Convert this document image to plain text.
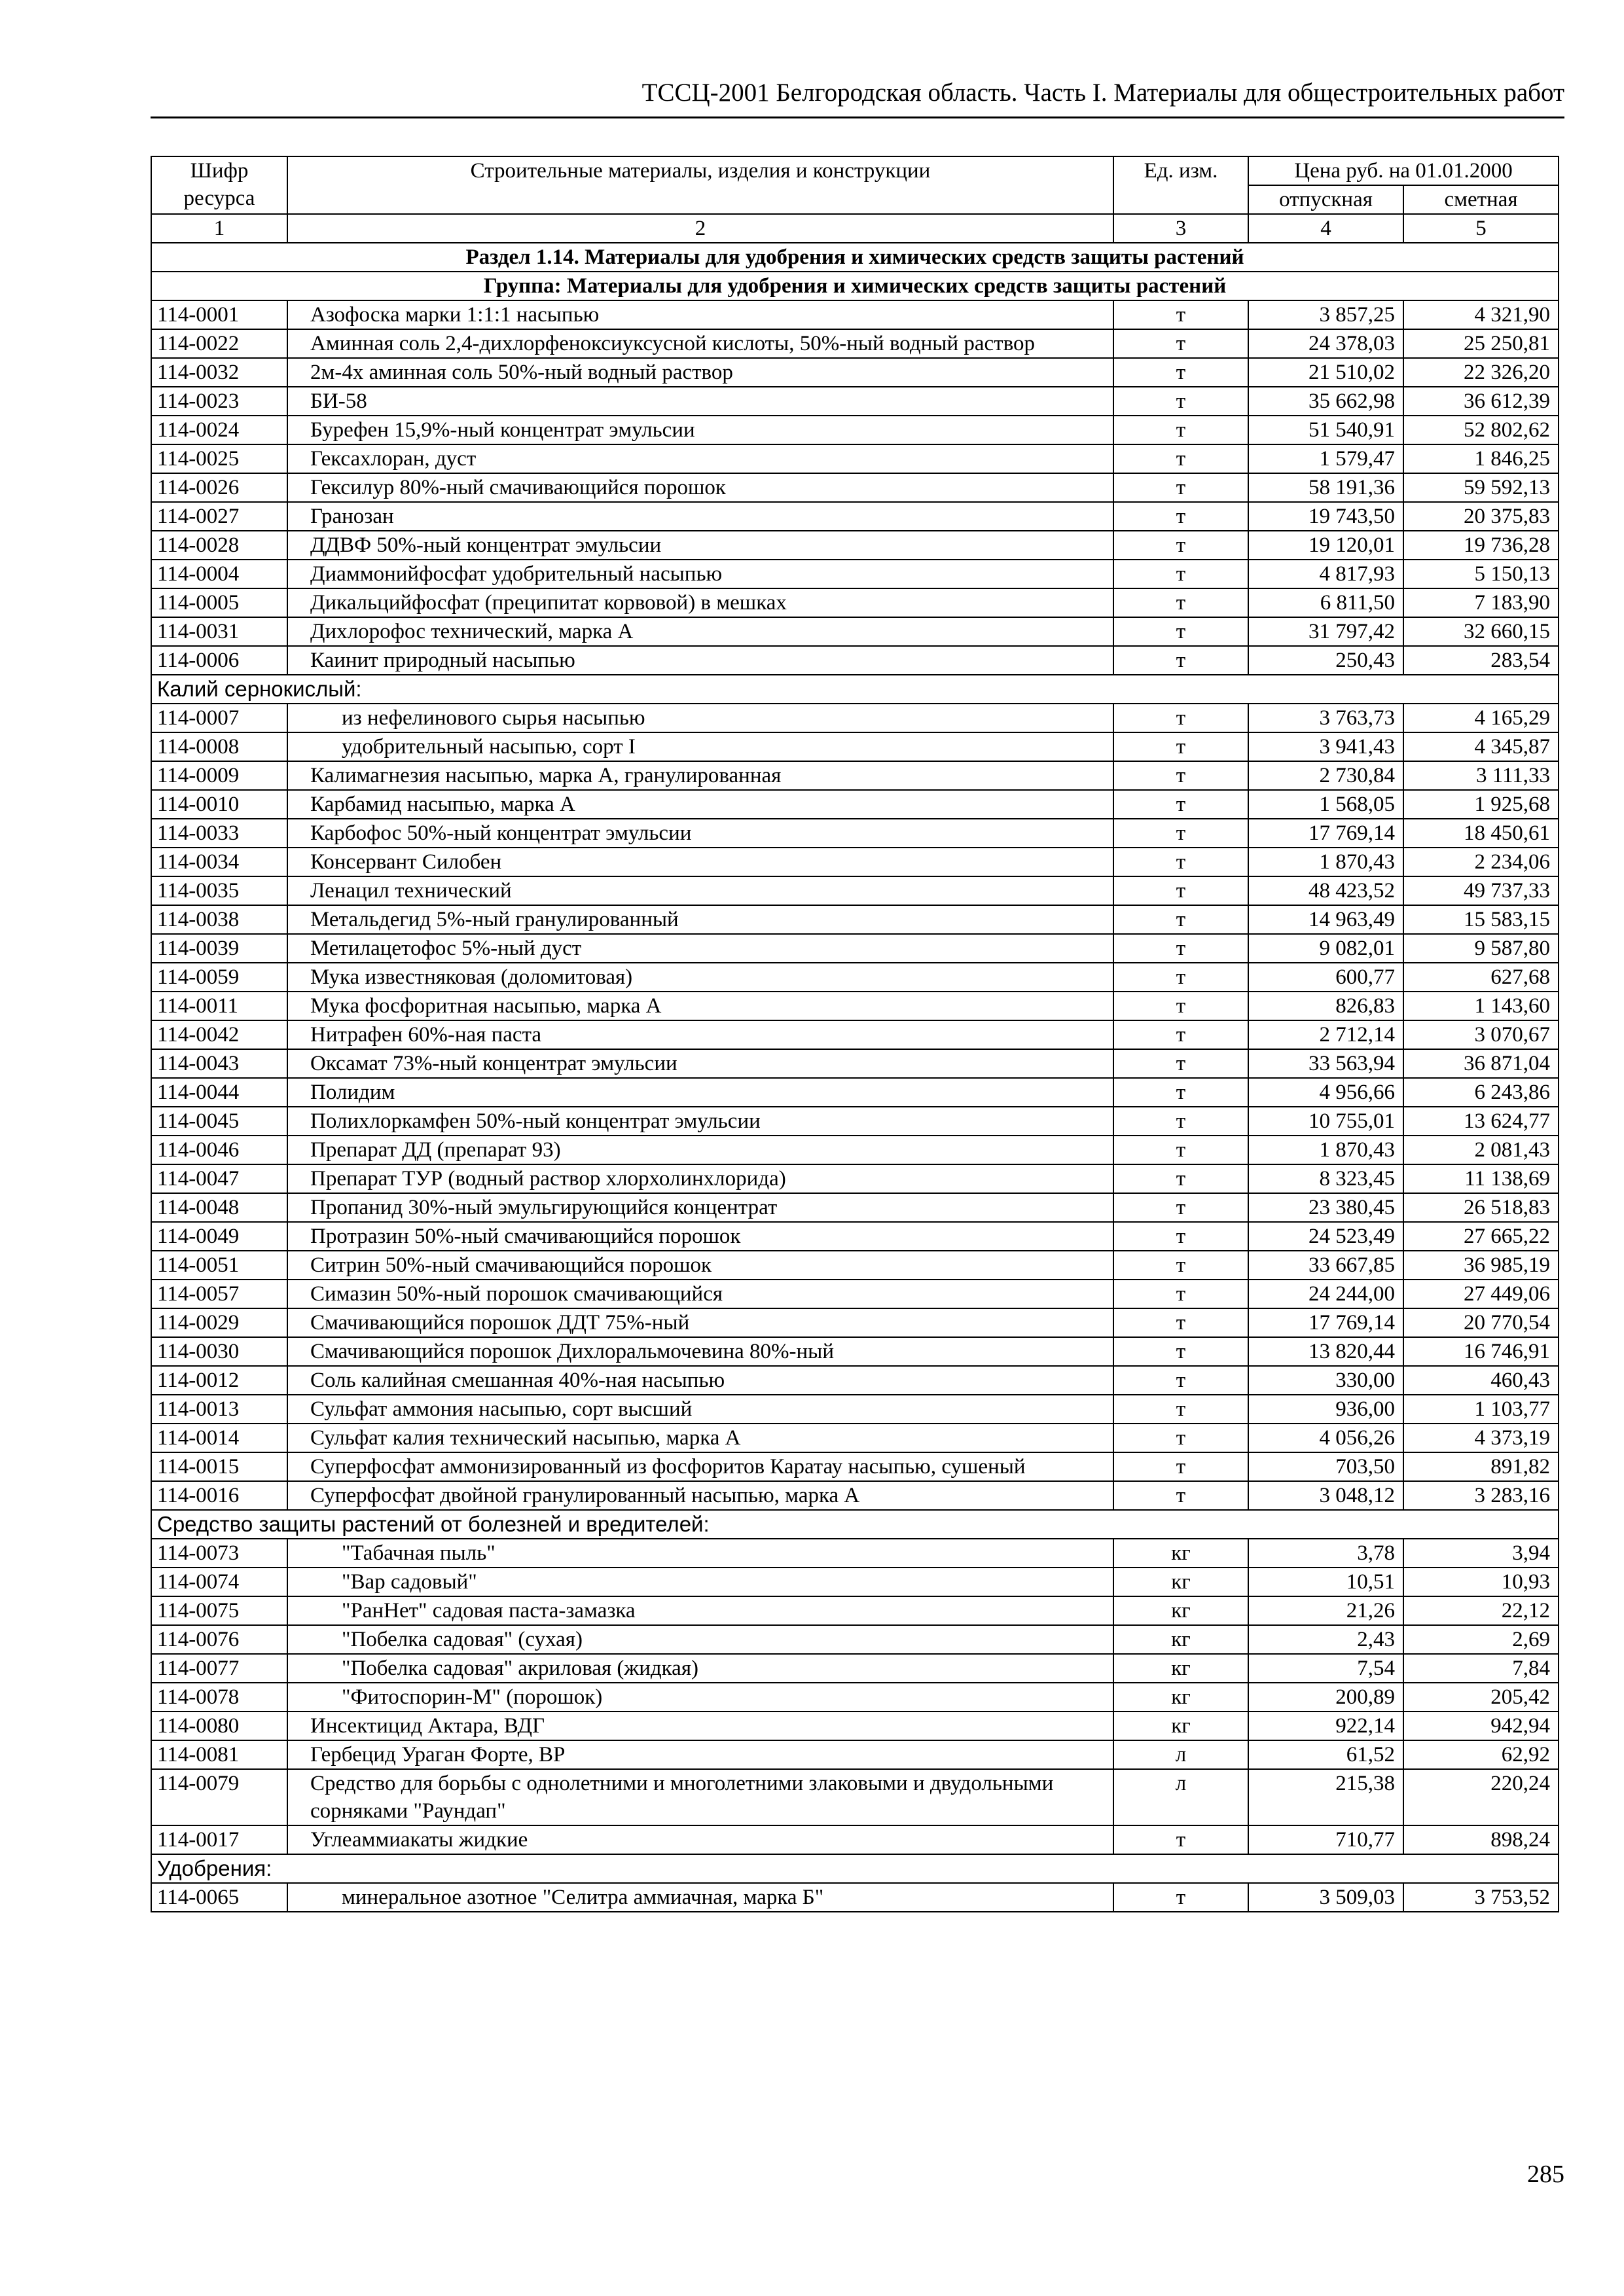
ТССЦ-2001 Белгородская область. Часть I. Материалы для общестроительных работ
Шифр ресурса	Строительные материалы, изделия и конструкции	Ед. изм.	Цена руб. на 01.01.2000	
			отпускная	сметная
1	2	3	4	5
Раздел 1.14. Материалы для удобрения и химических средств защиты растений				
Группа: Материалы для удобрения и химических средств защиты растений				
114-0001	Азофоска марки 1:1:1 насыпью	т	3 857,25	4 321,90
114-0022	Аминная соль 2,4-дихлорфеноксиуксусной кислоты, 50%-ный водный раствор	т	24 378,03	25 250,81
114-0032	2м-4х аминная соль 50%-ный водный раствор	т	21 510,02	22 326,20
114-0023	БИ-58	т	35 662,98	36 612,39
114-0024	Бурефен 15,9%-ный концентрат эмульсии	т	51 540,91	52 802,62
114-0025	Гексахлоран, дуст	т	1 579,47	1 846,25
114-0026	Гексилур 80%-ный смачивающийся порошок	т	58 191,36	59 592,13
114-0027	Гранозан	т	19 743,50	20 375,83
114-0028	ДДВФ 50%-ный концентрат эмульсии	т	19 120,01	19 736,28
114-0004	Диаммонийфосфат удобрительный насыпью	т	4 817,93	5 150,13
114-0005	Дикальцийфосфат (преципитат корвовой) в мешках	т	6 811,50	7 183,90
114-0031	Дихлорофос технический, марка А	т	31 797,42	32 660,15
114-0006	Каинит природный насыпью	т	250,43	283,54
Калий сернокислый:				
114-0007	из нефелинового сырья насыпью	т	3 763,73	4 165,29
114-0008	удобрительный насыпью, сорт I	т	3 941,43	4 345,87
114-0009	Калимагнезия насыпью, марка А, гранулированная	т	2 730,84	3 111,33
114-0010	Карбамид насыпью, марка А	т	1 568,05	1 925,68
114-0033	Карбофос 50%-ный концентрат эмульсии	т	17 769,14	18 450,61
114-0034	Консервант Силобен	т	1 870,43	2 234,06
114-0035	Ленацил технический	т	48 423,52	49 737,33
114-0038	Метальдегид 5%-ный гранулированный	т	14 963,49	15 583,15
114-0039	Метилацетофос 5%-ный дуст	т	9 082,01	9 587,80
114-0059	Мука известняковая (доломитовая)	т	600,77	627,68
114-0011	Мука фосфоритная насыпью, марка А	т	826,83	1 143,60
114-0042	Нитрафен 60%-ная паста	т	2 712,14	3 070,67
114-0043	Оксамат 73%-ный концентрат эмульсии	т	33 563,94	36 871,04
114-0044	Полидим	т	4 956,66	6 243,86
114-0045	Полихлоркамфен 50%-ный концентрат эмульсии	т	10 755,01	13 624,77
114-0046	Препарат ДД (препарат 93)	т	1 870,43	2 081,43
114-0047	Препарат ТУР (водный раствор хлорхолинхлорида)	т	8 323,45	11 138,69
114-0048	Пропанид 30%-ный эмульгирующийся концентрат	т	23 380,45	26 518,83
114-0049	Протразин 50%-ный смачивающийся порошок	т	24 523,49	27 665,22
114-0051	Ситрин 50%-ный смачивающийся порошок	т	33 667,85	36 985,19
114-0057	Симазин 50%-ный порошок смачивающийся	т	24 244,00	27 449,06
114-0029	Смачивающийся порошок ДДТ 75%-ный	т	17 769,14	20 770,54
114-0030	Смачивающийся порошок Дихлоральмочевина 80%-ный	т	13 820,44	16 746,91
114-0012	Соль калийная смешанная 40%-ная насыпью	т	330,00	460,43
114-0013	Сульфат аммония насыпью, сорт высший	т	936,00	1 103,77
114-0014	Сульфат калия технический насыпью, марка А	т	4 056,26	4 373,19
114-0015	Суперфосфат аммонизированный из фосфоритов Каратау насыпью, сушеный	т	703,50	891,82
114-0016	Суперфосфат двойной гранулированный насыпью, марка А	т	3 048,12	3 283,16
Средство защиты растений от болезней и вредителей:				
114-0073	"Табачная пыль"	кг	3,78	3,94
114-0074	"Вар садовый"	кг	10,51	10,93
114-0075	"РанНет" садовая паста-замазка	кг	21,26	22,12
114-0076	"Побелка садовая" (сухая)	кг	2,43	2,69
114-0077	"Побелка садовая" акриловая (жидкая)	кг	7,54	7,84
114-0078	"Фитоспорин-М" (порошок)	кг	200,89	205,42
114-0080	Инсектицид Актара, ВДГ	кг	922,14	942,94
114-0081	Гербецид Ураган Форте, ВР	л	61,52	62,92
114-0079	Средство для борьбы с однолетними и многолетними злаковыми и двудольными сорняками "Раундап"	л	215,38	220,24
114-0017	Углеаммиакаты жидкие	т	710,77	898,24
Удобрения:				
114-0065	минеральное азотное "Селитра аммиачная, марка Б"	т	3 509,03	3 753,52
285
